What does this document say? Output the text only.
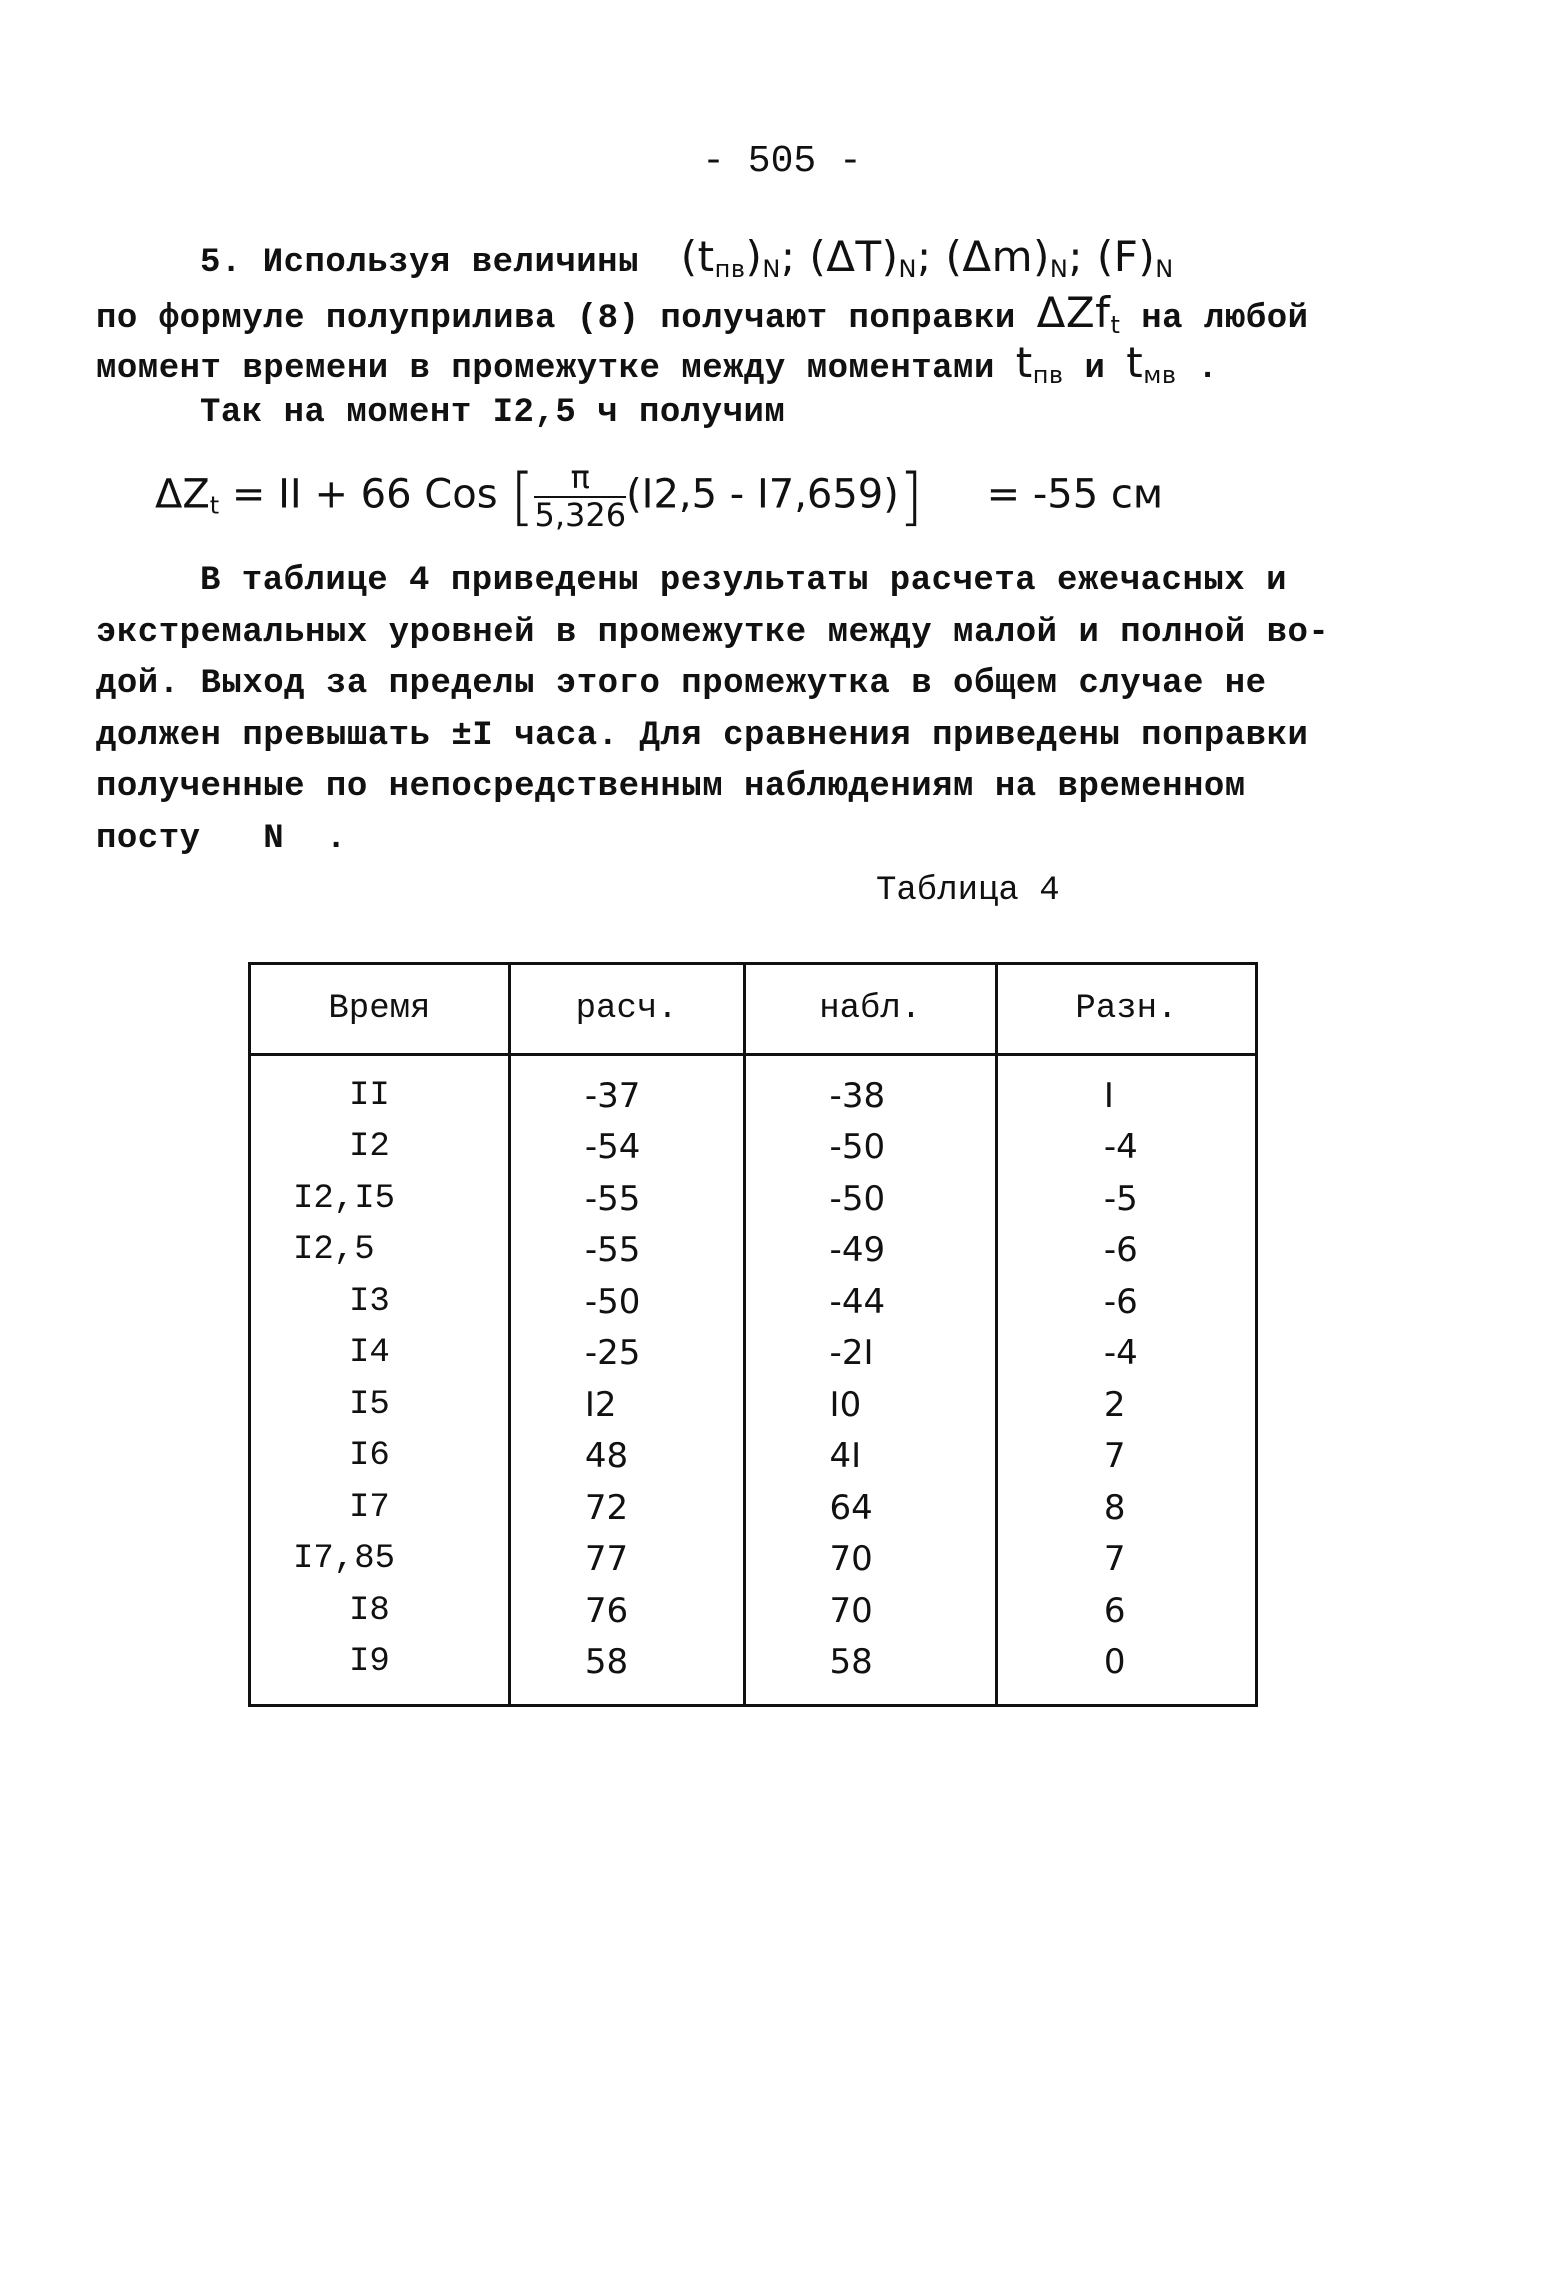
- 505 -
5. Используя величины $(t_{пв})_N$; $(\Delta T)_N$; $(\Delta m)_N$; $(F)_N$
по формуле полуприлива (8) получают поправки ΔZf$_t$ на любой
момент времени в промежутке между моментами $t_{пв}$ и $t_{мв}$ .
Так на момент I2,5 ч получим
$\Delta Z_t$ = II + 66 Cos [ $\frac{\pi}{5,326} (I2,5 - I7,659)] = -55$ см
В таблице 4 приведены результаты расчета ежечасных и
экстремальных уровней в промежутке между малой и полной во-
дой. Выход за пределы этого промежутка в общем случае не
должен превышать ±I часа. Для сравнения приведены поправки
полученные по непосредственным наблюдениям на временном
посту   N  .
Таблица 4
Время	расч.	набл.	Разн.
II	-37	-38	I
I2	-54	-50	-4
I2,I5	-55	-50	-5
I2,5	-55	-49	-6
I3	-50	-44	-6
I4	-25	-2I	-4
I5	I2	I0	2
I6	48	4I	7
I7	72	64	8
I7,85	77	70	7
I8	76	70	6
I9	58	58	0
